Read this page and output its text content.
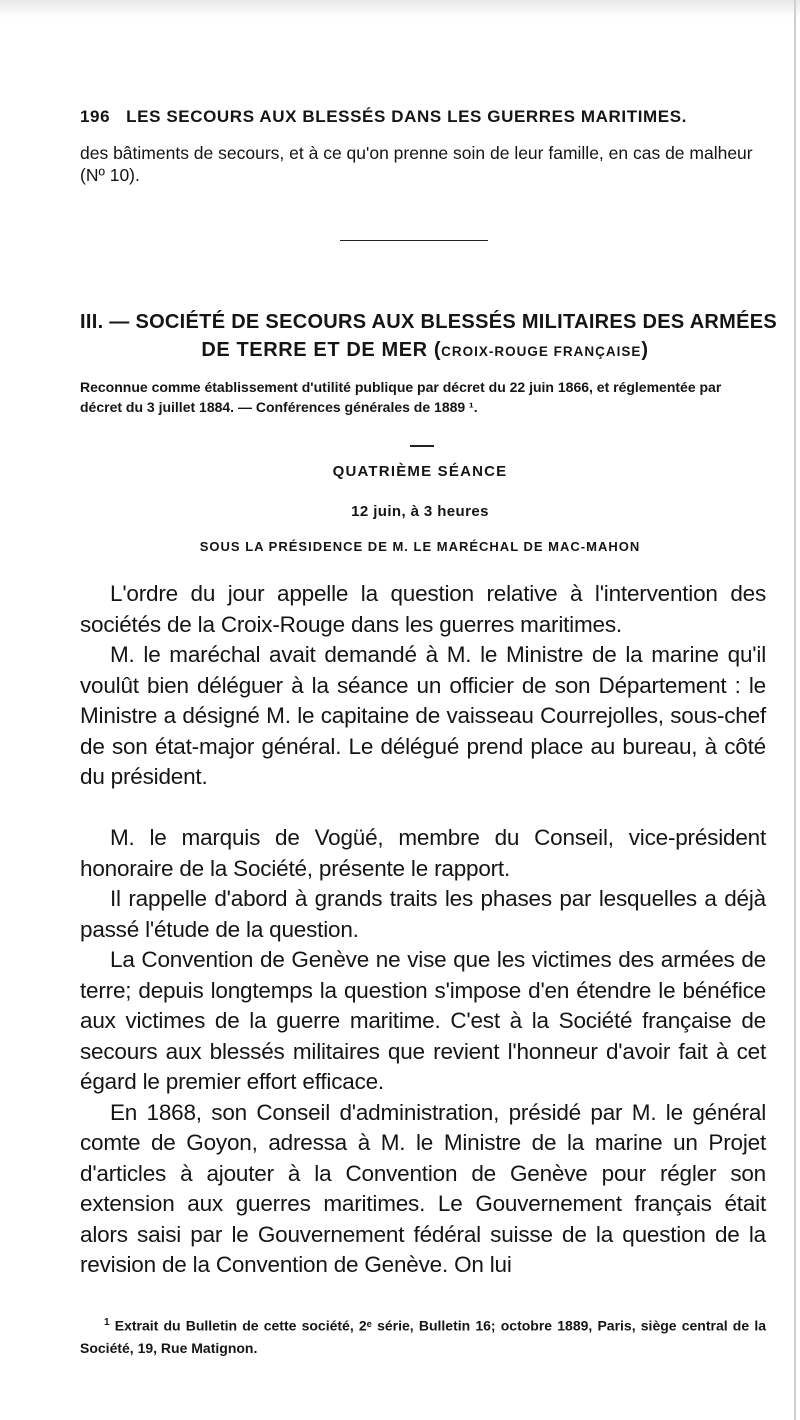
196 LES SECOURS AUX BLESSÉS DANS LES GUERRES MARITIMES.
des bâtiments de secours, et à ce qu'on prenne soin de leur famille, en cas de malheur (Nº 10).
III. — SOCIÉTÉ DE SECOURS AUX BLESSÉS MILITAIRES DES ARMÉES
DE TERRE ET DE MER (CROIX-ROUGE FRANÇAISE)
Reconnue comme établissement d'utilité publique par décret du 22 juin 1866, et réglementée par décret du 3 juillet 1884. — Conférences générales de 1889 ¹.
QUATRIÈME SÉANCE
12 juin, à 3 heures
SOUS LA PRÉSIDENCE DE M. LE MARÉCHAL DE MAC-MAHON

L'ordre du jour appelle la question relative à l'intervention des sociétés de la Croix-Rouge dans les guerres maritimes.

M. le maréchal avait demandé à M. le Ministre de la marine qu'il voulût bien déléguer à la séance un officier de son Département : le Ministre a désigné M. le capitaine de vaisseau Courrejolles, sous-chef de son état-major général. Le délégué prend place au bureau, à côté du président.

M. le marquis de Vogüé, membre du Conseil, vice-président honoraire de la Société, présente le rapport.

Il rappelle d'abord à grands traits les phases par lesquelles a déjà passé l'étude de la question.

La Convention de Genève ne vise que les victimes des armées de terre; depuis longtemps la question s'impose d'en étendre le bénéfice aux victimes de la guerre maritime. C'est à la Société française de secours aux blessés militaires que revient l'honneur d'avoir fait à cet égard le premier effort efficace.

En 1868, son Conseil d'administration, présidé par M. le général comte de Goyon, adressa à M. le Ministre de la marine un Projet d'articles à ajouter à la Convention de Genève pour régler son extension aux guerres maritimes. Le Gouvernement français était alors saisi par le Gouvernement fédéral suisse de la question de la revision de la Convention de Genève. On lui

$^1$ Extrait du Bulletin de cette société, 2ᵉ série, Bulletin 16; octobre 1889, Paris, siège central de la Société, 19, Rue Matignon.
